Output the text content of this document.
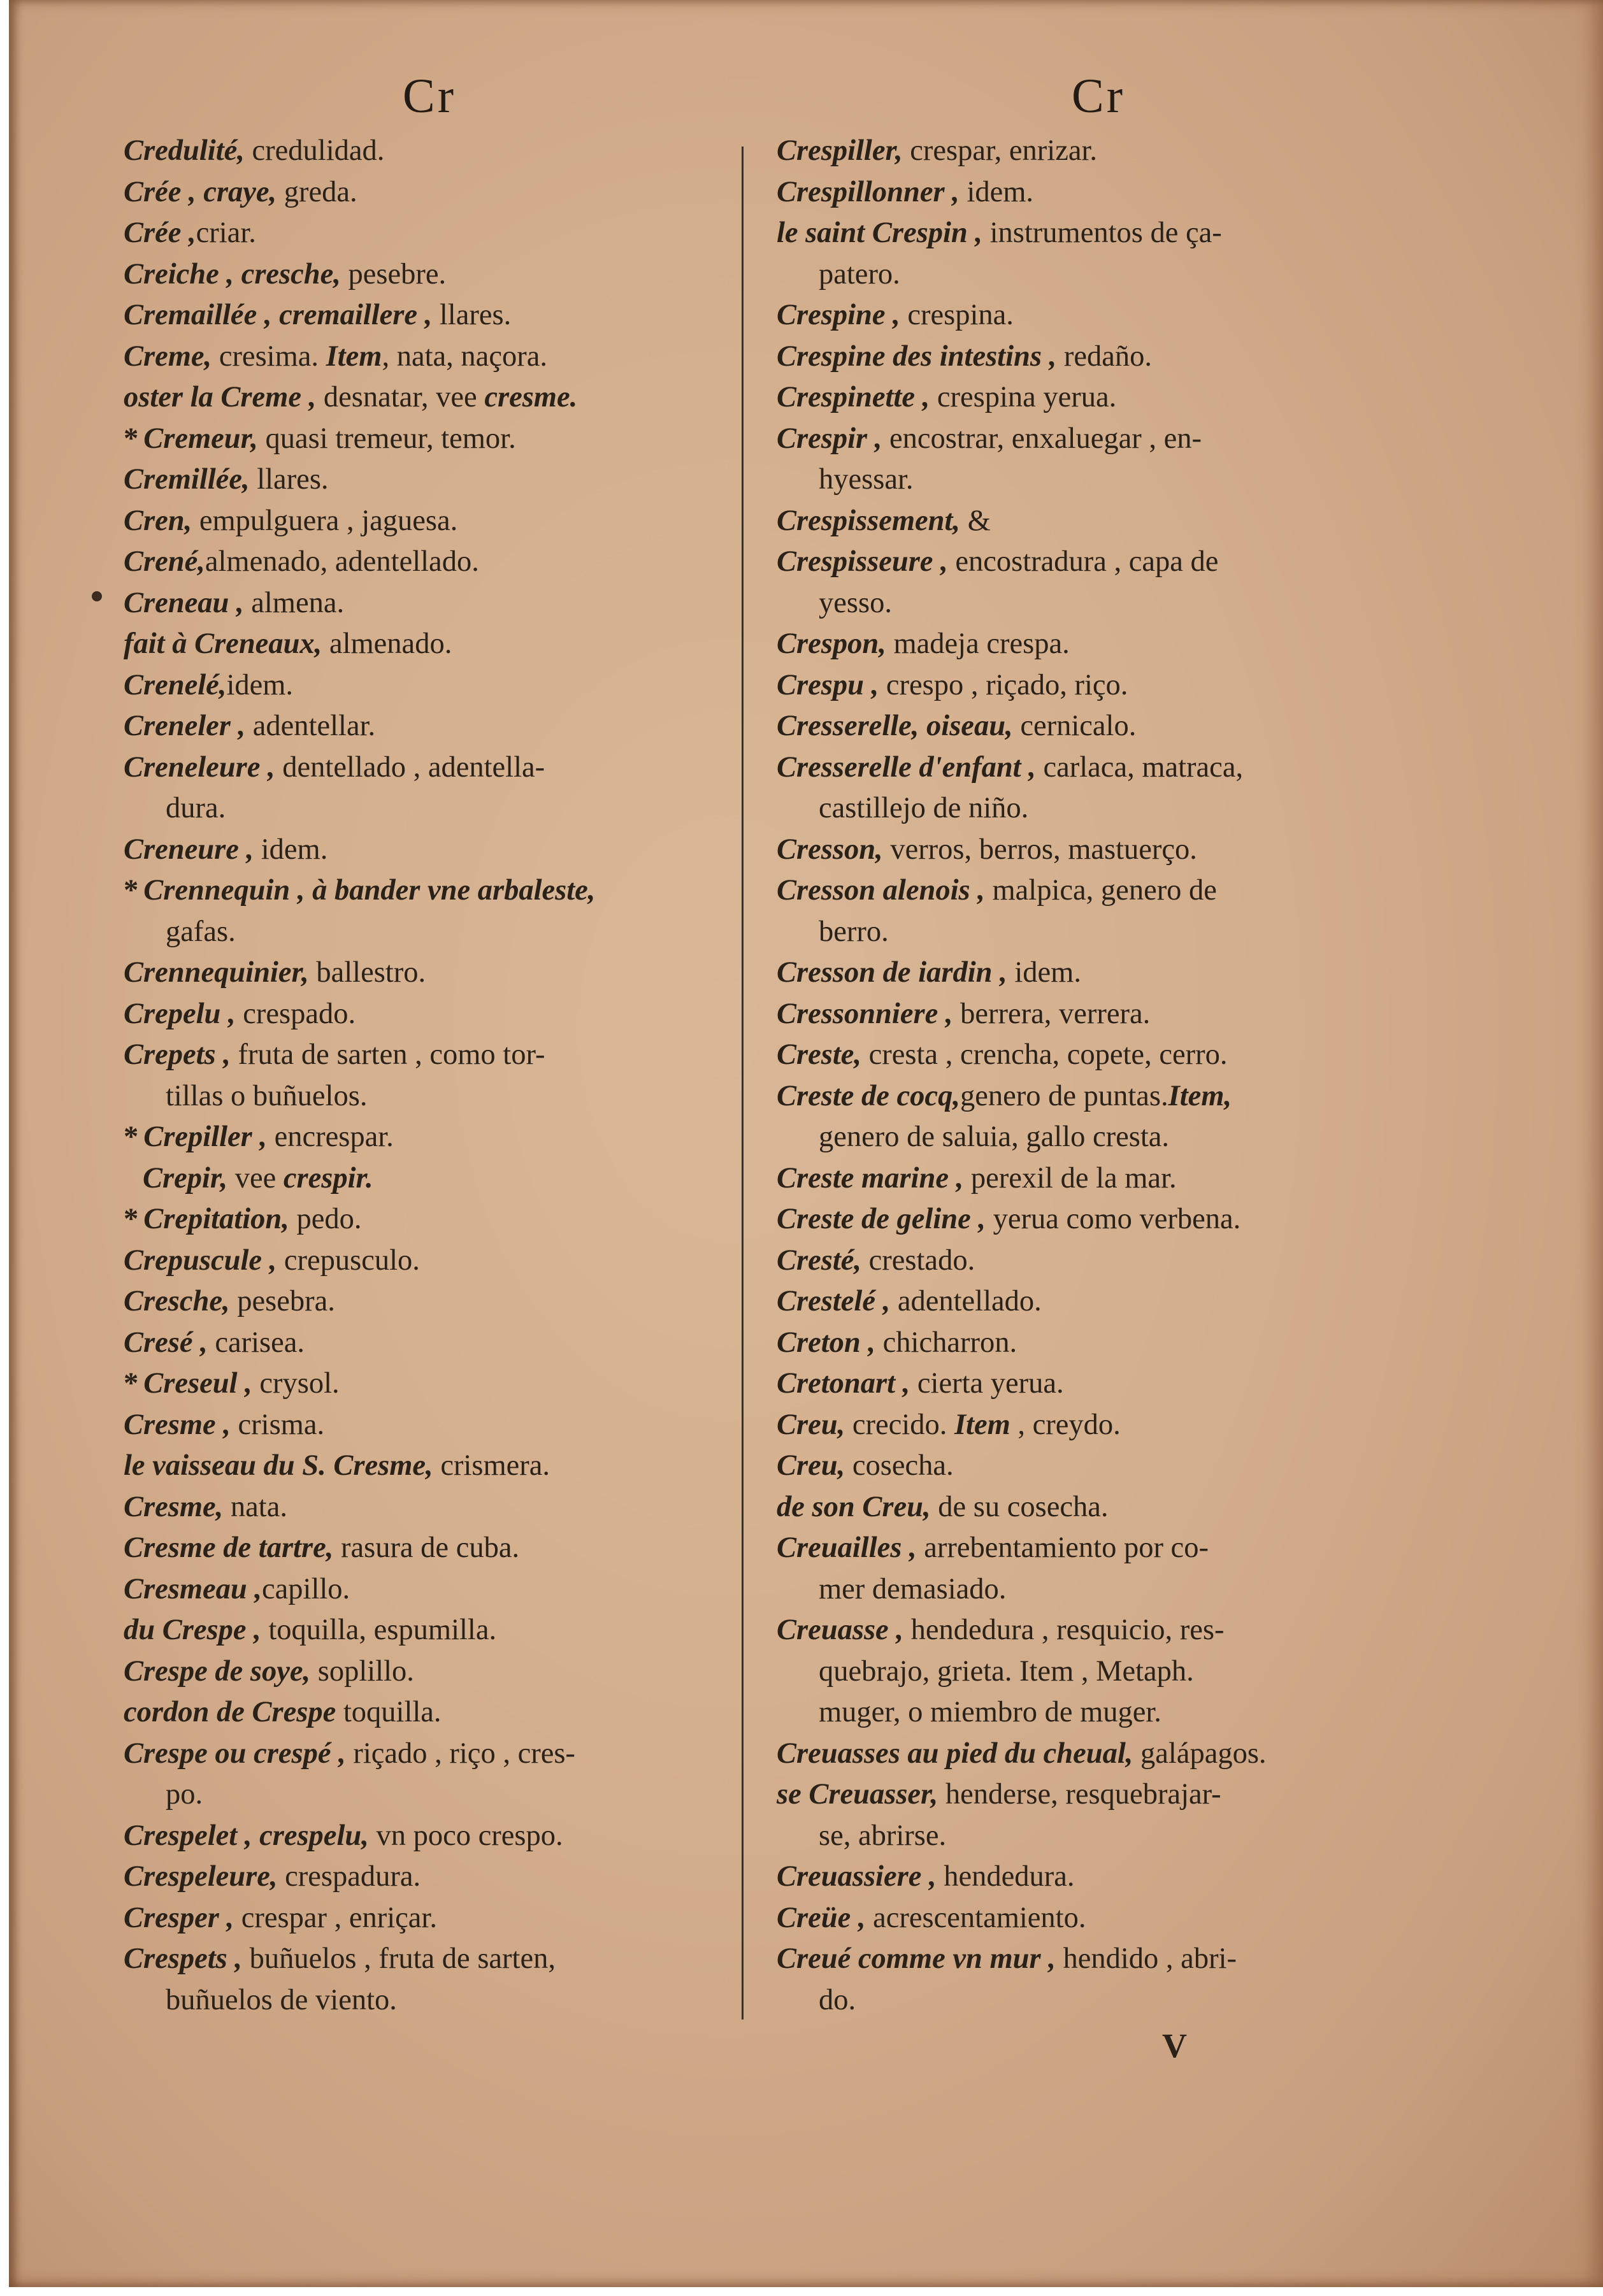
Cr
Credulité, credulidad.
Crée , craye, greda.
Crée ,criar.
Creiche , cresche, pesebre.
Cremaillée , cremaillere , llares.
Creme, cresima. Item, nata, naçora.
oster la Creme , desnatar, vee cresme.
* Cremeur, quasi tremeur, temor.
Cremillée, llares.
Cren, empulguera , jaguesa.
Crené,almenado, adentellado.
Creneau , almena.
fait à Creneaux, almenado.
Crenelé,idem.
Creneler , adentellar.
Creneleure , dentellado , adentella-
dura.
Creneure , idem.
* Crennequin , à bander vne arbaleste,
gafas.
Crennequinier, ballestro.
Crepelu , crespado.
Crepets , fruta de sarten , como tor-
tillas o buñuelos.
* Crepiller , encrespar.
Crepir, vee crespir.
* Crepitation, pedo.
Crepuscule , crepusculo.
Cresche, pesebra.
Cresé , carisea.
* Creseul , crysol.
Cresme , crisma.
le vaisseau du S. Cresme, crismera.
Cresme, nata.
Cresme de tartre, rasura de cuba.
Cresmeau ,capillo.
du Crespe , toquilla, espumilla.
Crespe de soye, soplillo.
cordon de Crespe toquilla.
Crespe ou crespé , riçado , riço , cres-
po.
Crespelet , crespelu, vn poco crespo.
Crespeleure, crespadura.
Cresper , crespar , enriçar.
Crespets , buñuelos , fruta de sarten,
buñuelos de viento.
Cr
Crespiller, crespar, enrizar.
Crespillonner , idem.
le saint Crespin , instrumentos de ça-
patero.
Crespine , crespina.
Crespine des intestins , redaño.
Crespinette , crespina yerua.
Crespir , encostrar, enxaluegar , en-
hyessar.
Crespissement, &
Crespisseure , encostradura , capa de
yesso.
Crespon, madeja crespa.
Crespu , crespo , riçado, riço.
Cresserelle, oiseau, cernicalo.
Cresserelle d'enfant , carlaca, matraca,
castillejo de niño.
Cresson, verros, berros, mastuerço.
Cresson alenois , malpica, genero de
berro.
Cresson de iardin , idem.
Cressonniere , berrera, verrera.
Creste, cresta , crencha, copete, cerro.
Creste de cocq,genero de puntas.Item,
genero de saluia, gallo cresta.
Creste marine , perexil de la mar.
Creste de geline , yerua como verbena.
Cresté, crestado.
Crestelé , adentellado.
Creton , chicharron.
Cretonart , cierta yerua.
Creu, crecido. Item , creydo.
Creu, cosecha.
de son Creu, de su cosecha.
Creuailles , arrebentamiento por co-
mer demasiado.
Creuasse , hendedura , resquicio, res-
quebrajo, grieta. Item , Metaph.
muger, o miembro de muger.
Creuasses au pied du cheual, galápagos.
se Creuasser, henderse, resquebrajar-
se, abrirse.
Creuassiere , hendedura.
Creüe , acrescentamiento.
Creué comme vn mur , hendido , abri-
do.
V
